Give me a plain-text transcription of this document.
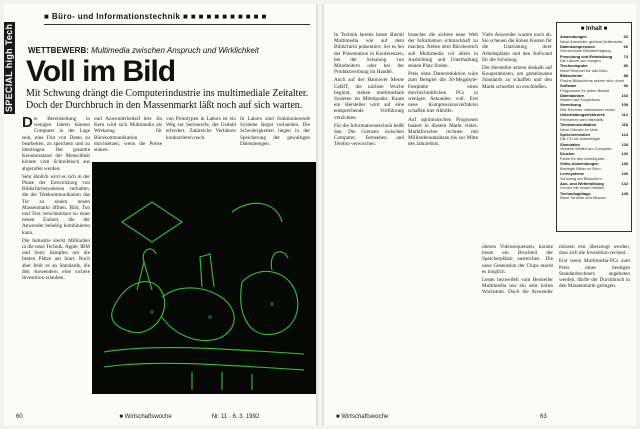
SPECIAL high Tech
■ Büro- und Informationstechnik ■ ■ ■ ■ ■ ■ ■ ■ ■ ■ ■
WETTBEWERB: Multimedia zwischen Anspruch und Wirklichkeit
Voll im Bild
Mit Schwung drängt die Computerindustrie ins multimediale Zeitalter. Doch der Durchbruch in den Massenmarkt läßt noch auf sich warten.

Die Bereitstellung in wenigen Jahren können Computer in der Lage sein, eine Flut von Daten zu bearbeiten, zu speichern und zu übertragen. Der gesamte Kenntnisstand der Menschheit könnte vom Schreibtisch aus abgerufen werden.

Sehr ähnlich wird es sich in der Phase der Entwicklung von Bildschirmsystemen verhalten, die der Telekommunikation das Tor zu einem neuen Massenmarkt öffnen. Bild, Ton und Text verschmelzen zu einer neuen Einheit, die der Anwender beliebig kombinieren kann.

Die Industrie steckt Milliarden in die neue Technik. Apple, IBM und Sony kämpfen um die besten Plätze am Start. Noch aber fehlt es an Standards, die den Anwendern eine sichere Investition erlauben.

und Anwenderbedarf leer. Im Kern wird sich Multimedia als Werkzeug für Bürokommunikation durchsetzen, wenn die Preise sinken.
von Prototypen in Labors ist ein Weg zur Serienreife, der Geduld erfordert. Zahlreiche Verfahren konkurrieren noch.
In Labors sind funktionierende Systeme längst vorhanden. Die Schwierigkeiten liegen in der Speicherung der gewaltigen Datenmengen.
60	■ Wirtschaftswoche	Nr. 11 · 6. 3. 1992

In Technik bereits heute überall Multimedia wie auf dem Bildschirm präsentiert: Sei es bei der Präsentation in Konferenzen, bei der Schulung von Mitarbeitern oder bei der Produktwerbung im Handel.

Auch auf der Hannover Messe CeBIT, die nächste Woche beginnt, stehen multimediale Systeme im Mittelpunkt. Kaum ein Hersteller wird auf eine entsprechende Vorführung verzichten.

Für die Informationstechnik heißt das: Die Grenzen zwischen Computer, Fernsehen und Telefon verwischen.

brancher die sichere neue Welt der Information schmackhaft zu machen. Neben dem Bürobereich soll Multimedia vor allem in Ausbildung und Unterhaltung seinen Platz finden.

Preis ohne Datenreduktion wäre zum Beispiel die 30-Megabyte-Festplatte eines durchschnittlichen PCs in wenigen Sekunden voll. Erst neue Kompressionsverfahren schaffen hier Abhilfe.

Auf optimistischen Prognosen basiert in diesem Markt vieles. Marktforscher rechnen mit Milliardenumsätzen bis zur Mitte des Jahrzehnts.

Viele Anwender warten noch ab. Sie scheuen die hohen Kosten für die Umrüstung ihrer Arbeitsplätze und den Aufwand für die Schulung.

Die Hersteller setzen deshalb auf Kooperationen, um gemeinsame Standards zu schaffen und den Markt schneller zu erschließen.

oberen Videosequenzen, konnte heute ein Bruchteil der Speicherplätze ausreichen. Die neue Generation der Chips macht es möglich.

Lester bezweifelt vom Hersteller Multimedia nur ein sehr hohes Wachstum. Doch die Anwender müssen erst überzeugt werden, dass sich die Investition rechnet.

Erst wenn Multimedia-PCs zum Preis eines heutigen Standardrechners angeboten werden, dürfte der Durchbruch in den Massenmarkt gelingen.

■ Inhalt ■
Anwendungen	60
Neue Anwender gewinnt Multimedia
Datenkompression	66
Grenzenlose Bildübertragung
Forschung und Entwicklung	74
Die Labore von morgen
Tischcomputer	80
Neue Rechner für das Büro
Bildschirme	88
Flache Bildschirme setzen sich durch
Software	96
Programme für jeden Bedarf
Datenbanken	102
Wissen auf Knopfdruck
Vernetzung	108
Wie Rechner miteinander reden
Unterhaltungselektronik	112
Fernsehen wird interaktiv
Telekommunikation	118
Neue Dienste im Netz
Speichermedien	124
Die CD als Datenträger
Simulation	128
Virtuelle Welten am Computer
Drucker	132
Farbe für den Arbeitsplatz
Video-Anwendungen	136
Bewegte Bilder im Büro
Lernsysteme	140
Schulung am Bildschirm
Aus- und Weiterbildung	142
Lernen mit neuen Medien
Technologietage	148
Neue Termine und Messen
■ Wirtschaftswoche	63
